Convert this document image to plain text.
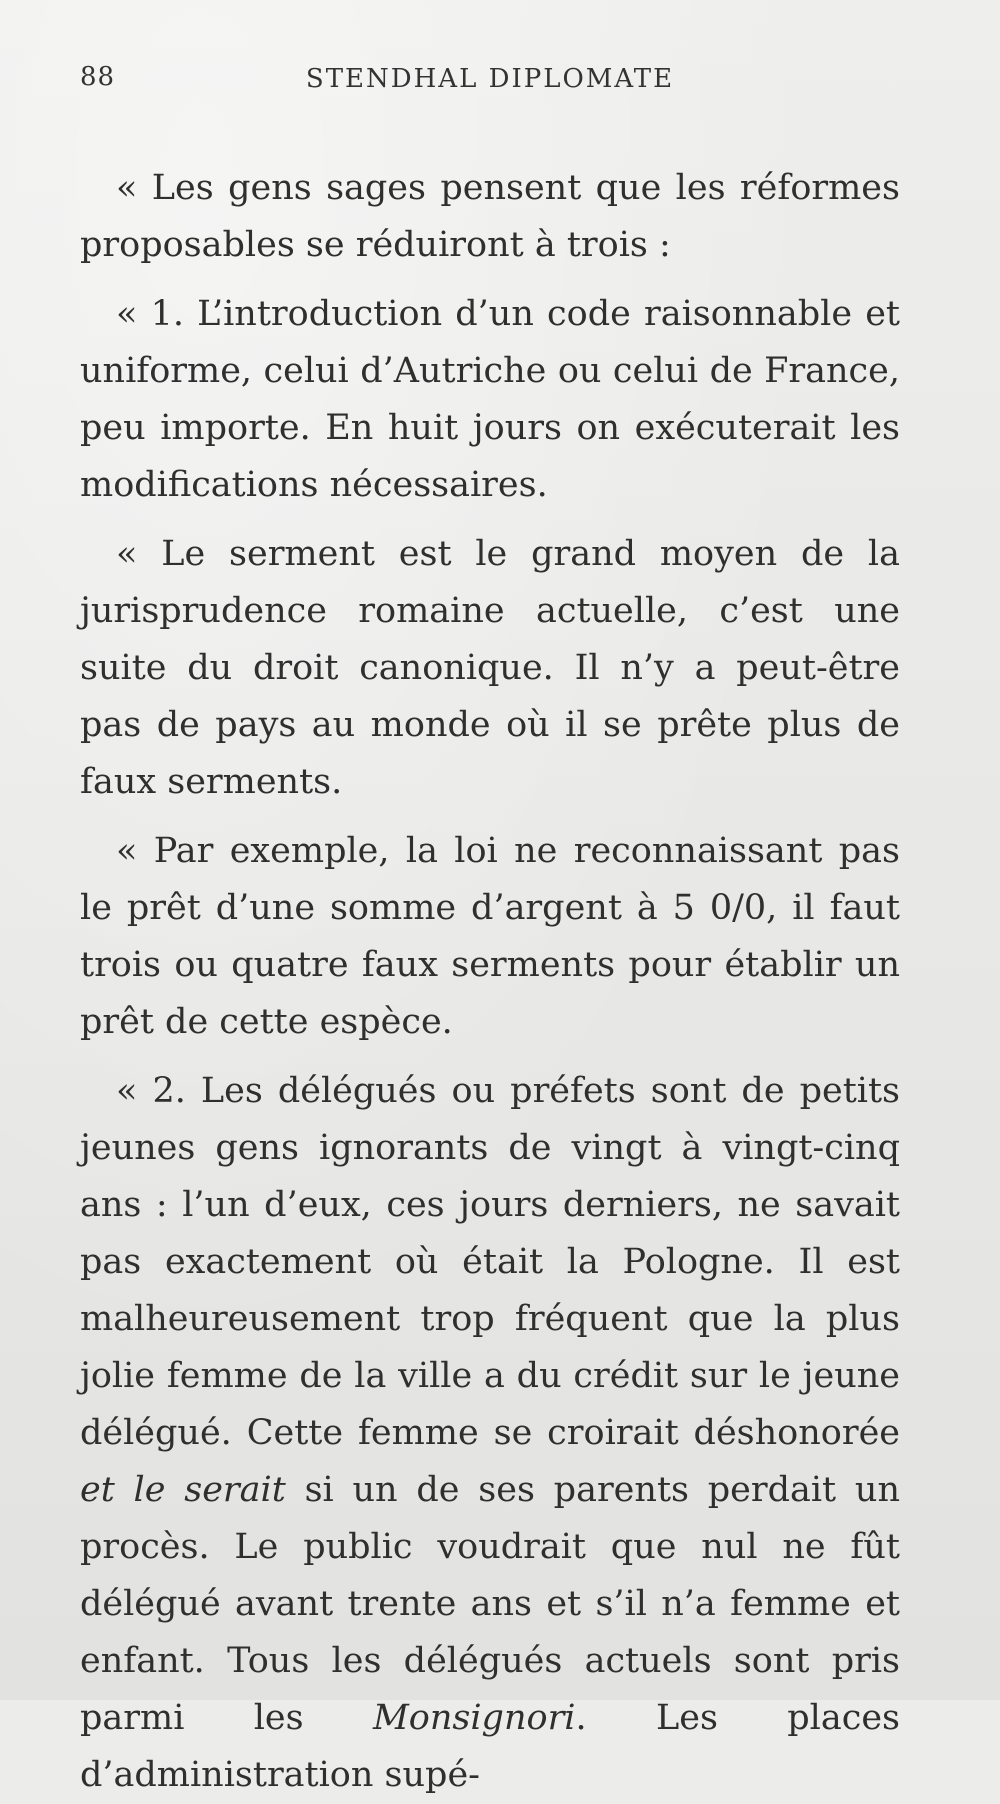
88	STENDHAL DIPLOMATE

« Les gens sages pensent que les réformes proposables se réduiront à trois :

« 1. L’introduction d’un code raisonnable et uniforme, celui d’Autriche ou celui de France, peu importe. En huit jours on exécuterait les modifications nécessaires.

« Le serment est le grand moyen de la jurisprudence romaine actuelle, c’est une suite du droit canonique. Il n’y a peut-être pas de pays au monde où il se prête plus de faux serments.

« Par exemple, la loi ne reconnaissant pas le prêt d’une somme d’argent à 5 0/0, il faut trois ou quatre faux serments pour établir un prêt de cette espèce.

« 2. Les délégués ou préfets sont de petits jeunes gens ignorants de vingt à vingt-cinq ans : l’un d’eux, ces jours derniers, ne savait pas exactement où était la Pologne. Il est malheureusement trop fréquent que la plus jolie femme de la ville a du crédit sur le jeune délégué. Cette femme se croirait déshonorée et le serait si un de ses parents perdait un procès. Le public voudrait que nul ne fût délégué avant trente ans et s’il n’a femme et enfant. Tous les délégués actuels sont pris parmi les Monsignori. Les places d’administration supé-
